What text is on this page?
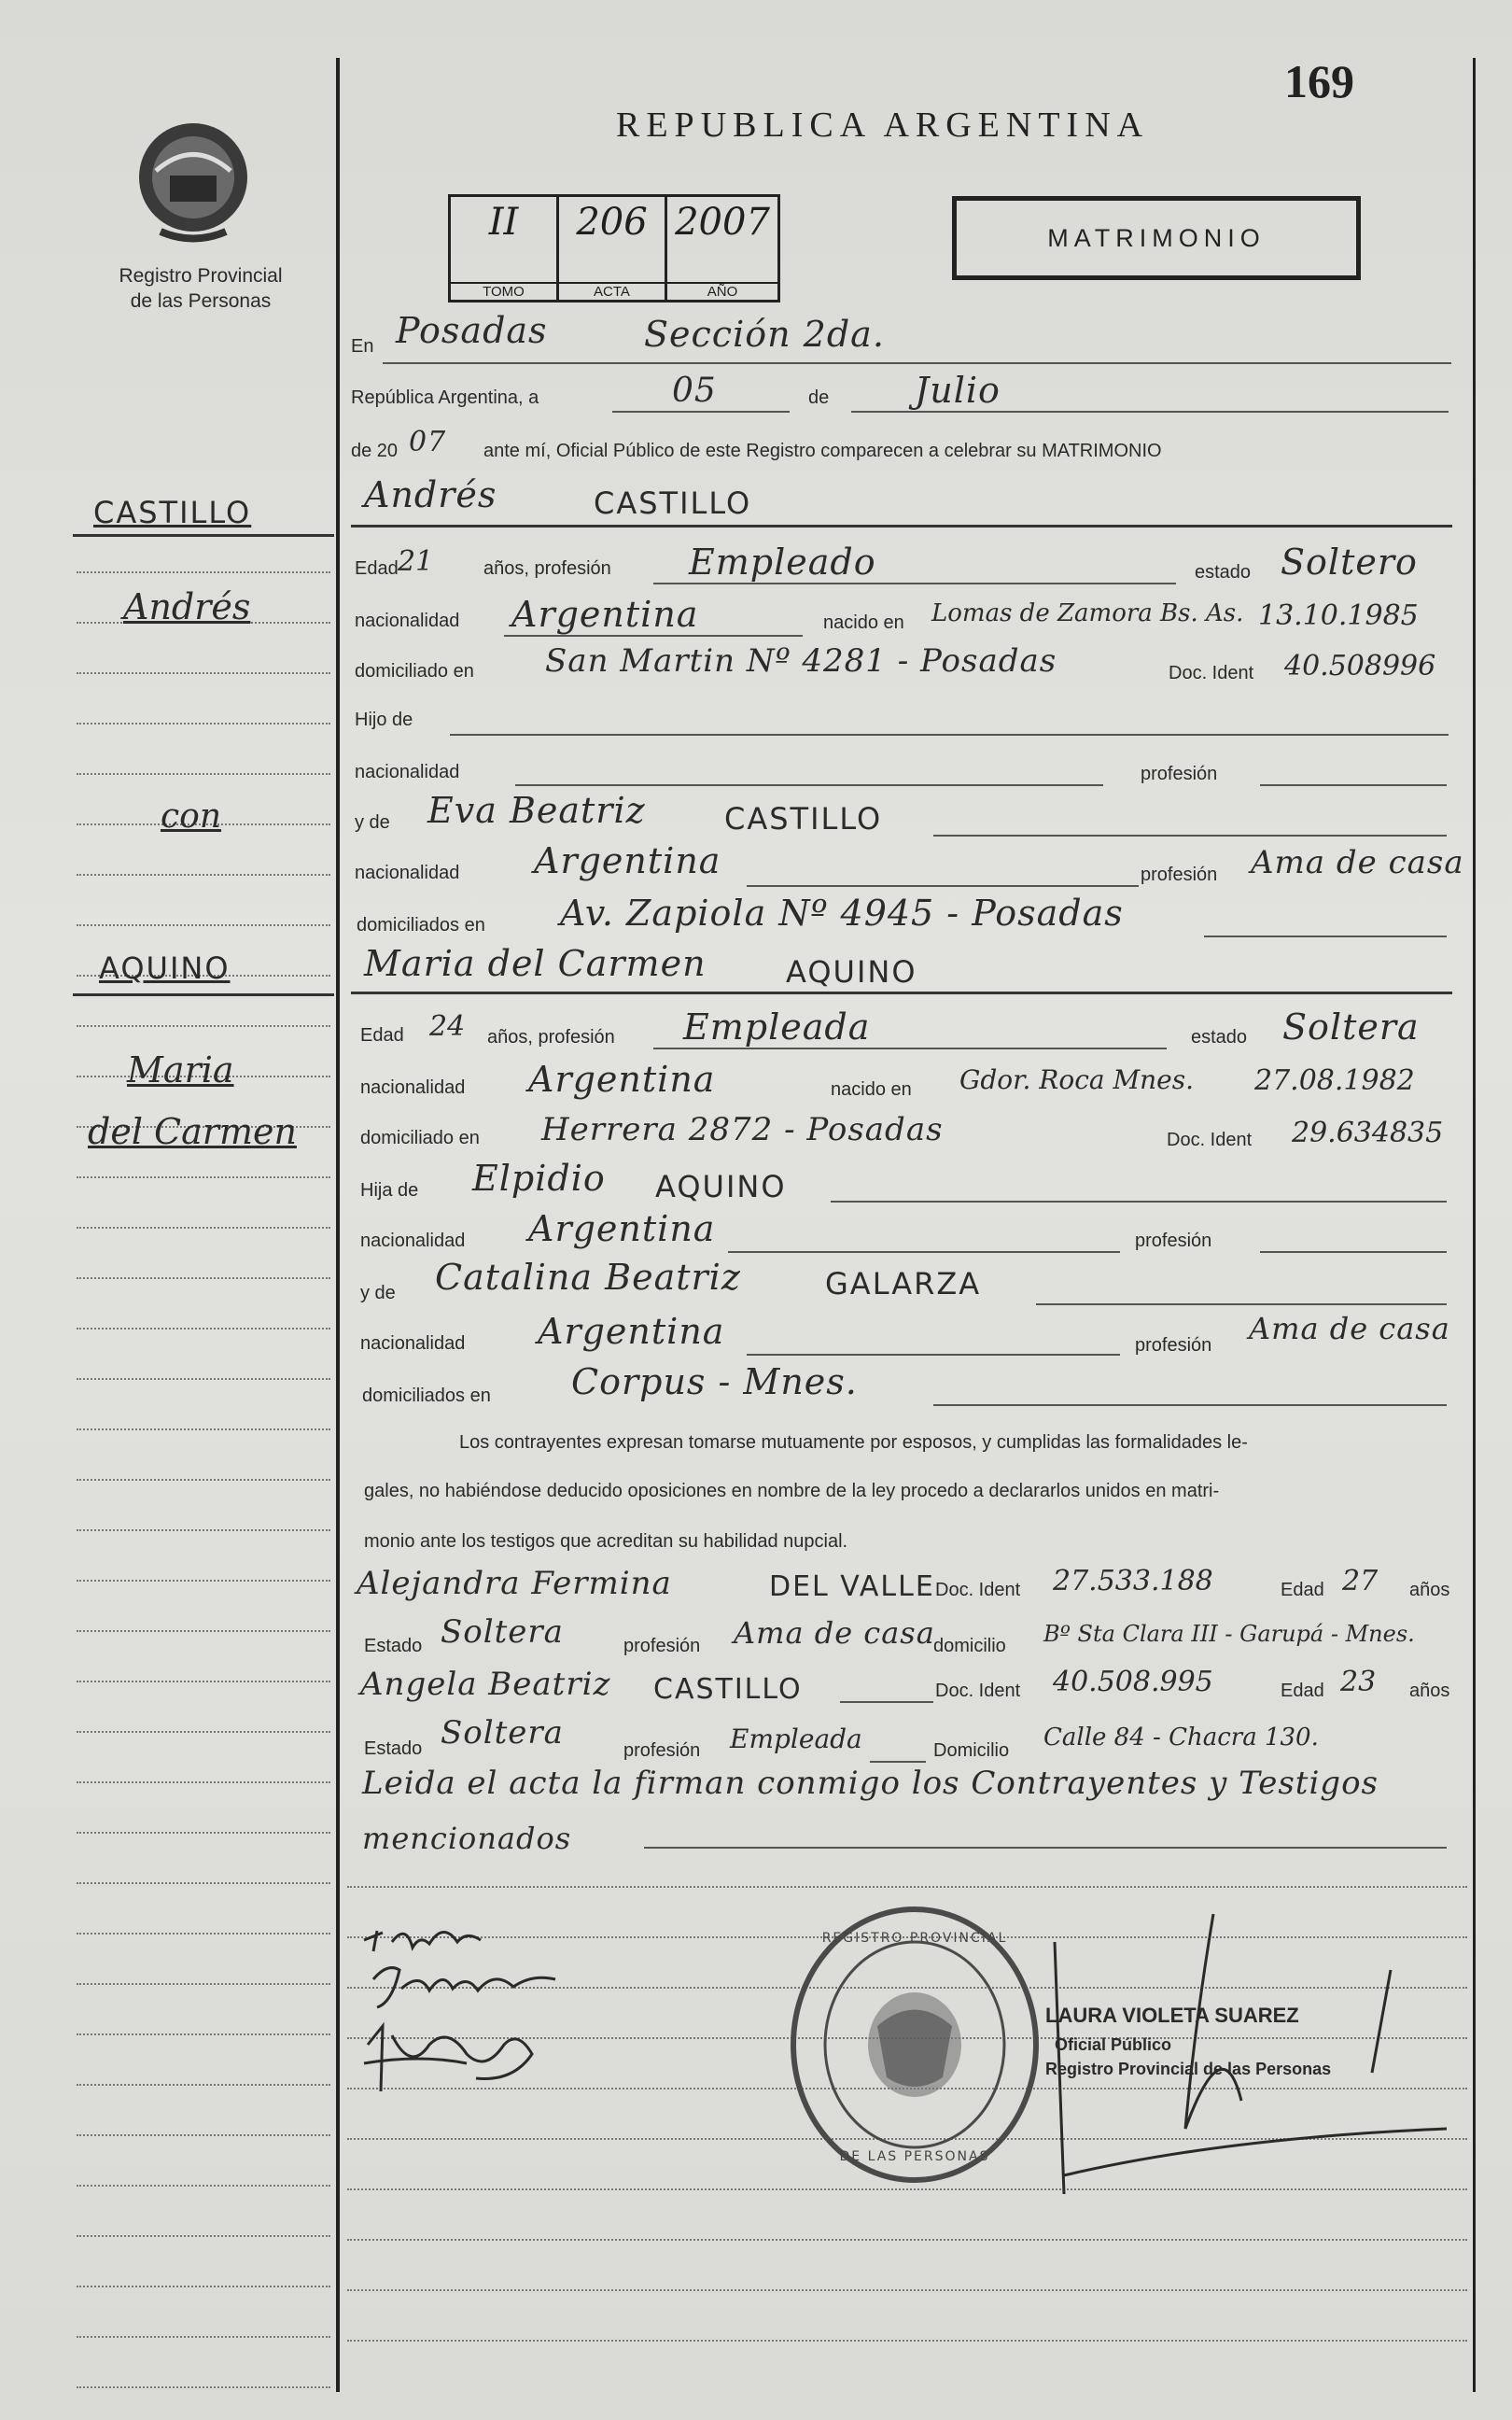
Registro Provincial
de las Personas
169
REPUBLICA ARGENTINA
II
TOMO
206
ACTA
2007
AÑO
MATRIMONIO
CASTILLO
Andrés
con
AQUINO
Maria
del Carmen
En Posadas	Sección 2da.
República Argentina, a	05	de Julio
de 20 07 ante mí, Oficial Público de este Registro comparecen a celebrar su MATRIMONIO
Andrés	CASTILLO
Edad 21	años, profesión Empleado	estado Soltero
nacionalidad Argentina	nacido en Lomas de Zamora Bs. As. 13.10.1985
domiciliado en San Martin Nº 4281 - Posadas	Doc. Ident 40.508996
Hijo de
nacionalidad	profesión
y de Eva Beatriz	CASTILLO
nacionalidad Argentina	profesión Ama de casa
domiciliados en Av. Zapiola Nº 4945 - Posadas
Maria del Carmen	AQUINO
Edad 24 años, profesión Empleada	estado Soltera
nacionalidad Argentina	nacido en Gdor. Roca Mnes. 27.08.1982
domiciliado en Herrera 2872 - Posadas	Doc. Ident 29.634835
Hija de Elpidio AQUINO
nacionalidad Argentina	profesión
y de Catalina Beatriz	GALARZA
nacionalidad Argentina	profesión Ama de casa
domiciliados en Corpus - Mnes.
Los contrayentes expresan tomarse mutuamente por esposos, y cumplidas las formalidades le-
gales, no habiéndose deducido oposiciones en nombre de la ley procedo a declararlos unidos en matri-
monio ante los testigos que acreditan su habilidad nupcial.
Alejandra Fermina	DEL VALLE Doc. Ident 27.533.188	Edad 27 años
Estado Soltera	profesión Ama de casa
domicilio Bº Sta Clara III - Garupá - Mnes.
Angela Beatriz CASTILLO	Doc. Ident 40.508.995	Edad 23 años
Estado Soltera	profesión Empleada	Domicilio Calle 84 - Chacra 130.
Leida el acta la firman conmigo los Contrayentes y Testigos
mencionados
REGISTRO PROVINCIAL
DE LAS PERSONAS
LAURA VIOLETA SUAREZ
Oficial Público
Registro Provincial de las Personas
